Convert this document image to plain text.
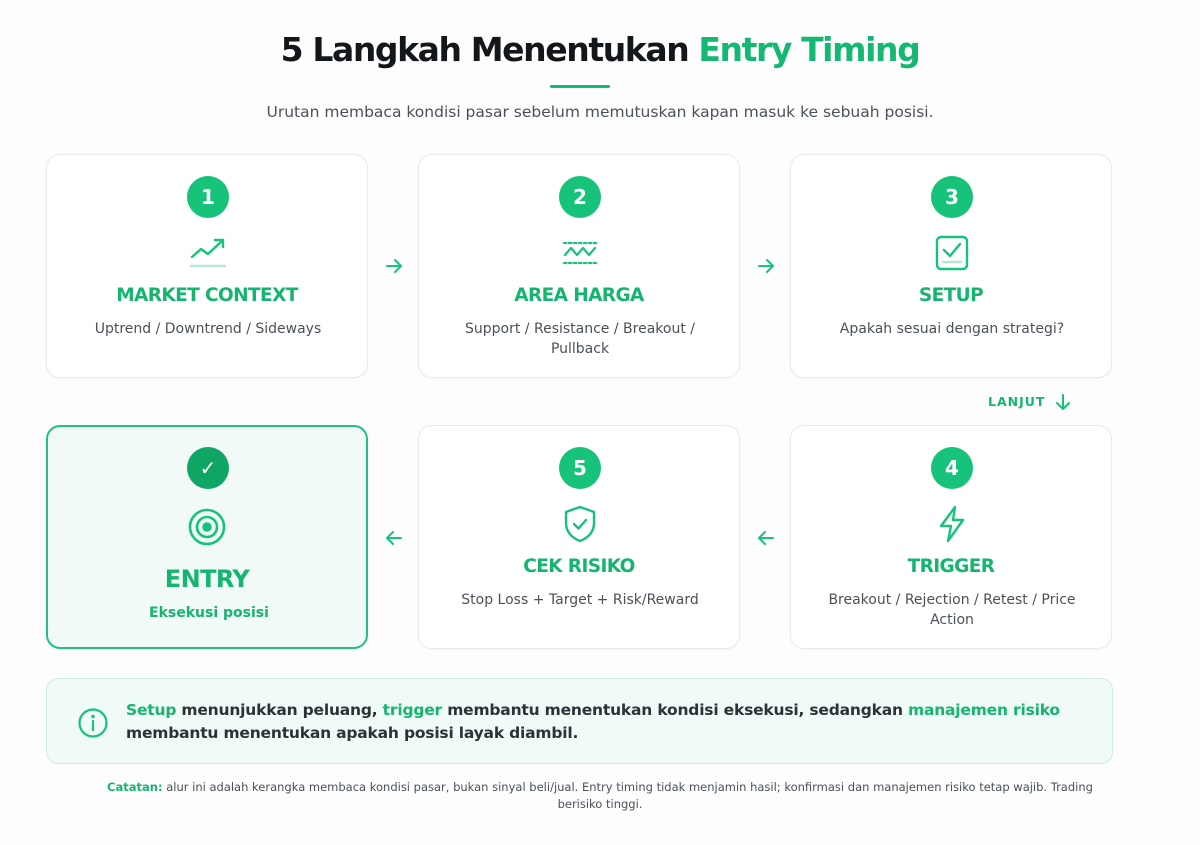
5 Langkah Menentukan Entry Timing
Urutan membaca kondisi pasar sebelum memutuskan kapan masuk ke sebuah posisi.
1
MARKET CONTEXT
Uptrend / Downtrend / Sideways
2
AREA HARGA
Support / Resistance / Breakout / Pullback
3
SETUP
Apakah sesuai dengan strategi?
LANJUT
✓
ENTRY
Eksekusi posisi
5
CEK RISIKO
Stop Loss + Target + Risk/Reward
4
TRIGGER
Breakout / Rejection / Retest / Price Action
Setup menunjukkan peluang, trigger membantu menentukan kondisi eksekusi, sedangkan manajemen risiko membantu menentukan apakah posisi layak diambil.
Catatan: alur ini adalah kerangka membaca kondisi pasar, bukan sinyal beli/jual. Entry timing tidak menjamin hasil; konfirmasi dan manajemen risiko tetap wajib. Trading berisiko tinggi.
